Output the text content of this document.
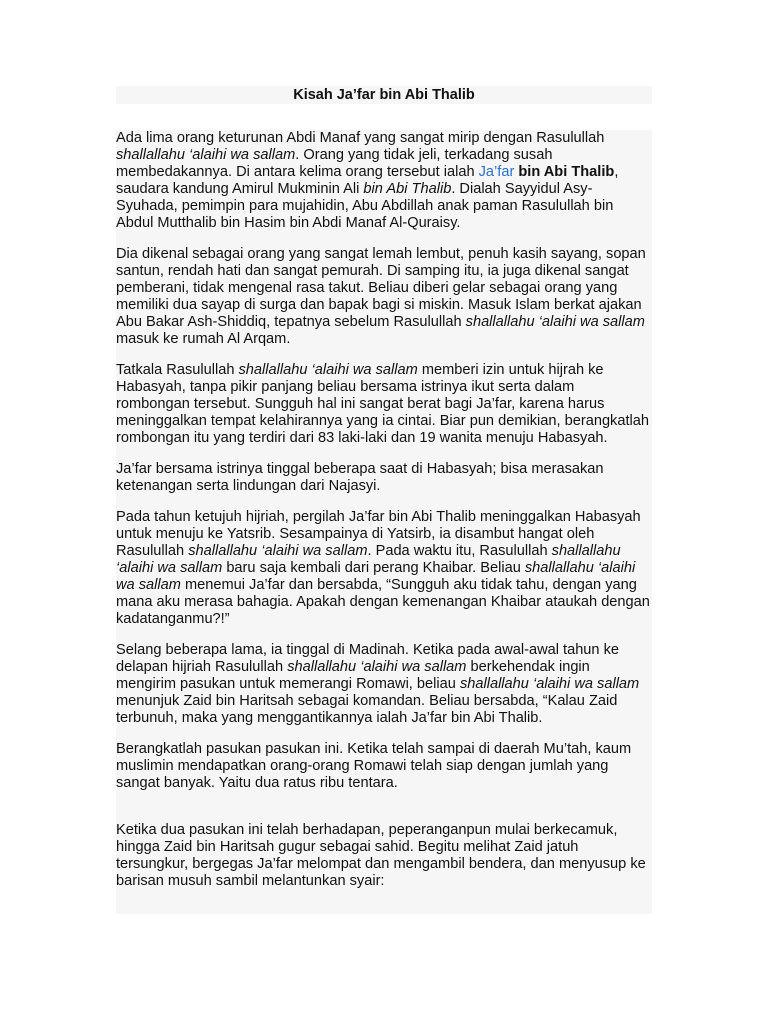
Kisah Ja’far bin Abi Thalib

Ada lima orang keturunan Abdi Manaf yang sangat mirip dengan Rasulullah shallallahu ‘alaihi wa sallam. Orang yang tidak jeli, terkadang susah membedakannya. Di antara kelima orang tersebut ialah Ja’far bin Abi Thalib, saudara kandung Amirul Mukminin Ali bin Abi Thalib. Dialah Sayyidul Asy-Syuhada, pemimpin para mujahidin, Abu Abdillah anak paman Rasulullah bin Abdul Mutthalib bin Hasim bin Abdi Manaf Al-Quraisy.

Dia dikenal sebagai orang yang sangat lemah lembut, penuh kasih sayang, sopan santun, rendah hati dan sangat pemurah. Di samping itu, ia juga dikenal sangat pemberani, tidak mengenal rasa takut. Beliau diberi gelar sebagai orang yang memiliki dua sayap di surga dan bapak bagi si miskin. Masuk Islam berkat ajakan Abu Bakar Ash-Shiddiq, tepatnya sebelum Rasulullah shallallahu ‘alaihi wa sallam masuk ke rumah Al Arqam.

Tatkala Rasulullah shallallahu ‘alaihi wa sallam memberi izin untuk hijrah ke Habasyah, tanpa pikir panjang beliau bersama istrinya ikut serta dalam rombongan tersebut. Sungguh hal ini sangat berat bagi Ja’far, karena harus meninggalkan tempat kelahirannya yang ia cintai. Biar pun demikian, berangkatlah rombongan itu yang terdiri dari 83 laki-laki dan 19 wanita menuju Habasyah.

Ja’far bersama istrinya tinggal beberapa saat di Habasyah; bisa merasakan ketenangan serta lindungan dari Najasyi.

Pada tahun ketujuh hijriah, pergilah Ja’far bin Abi Thalib meninggalkan Habasyah untuk menuju ke Yatsrib. Sesampainya di Yatsirb, ia disambut hangat oleh Rasulullah shallallahu ‘alaihi wa sallam. Pada waktu itu, Rasulullah shallallahu ‘alaihi wa sallam baru saja kembali dari perang Khaibar. Beliau shallallahu ‘alaihi wa sallam menemui Ja’far dan bersabda, “Sungguh aku tidak tahu, dengan yang mana aku merasa bahagia. Apakah dengan kemenangan Khaibar ataukah dengan kadatanganmu?!”

Selang beberapa lama, ia tinggal di Madinah. Ketika pada awal-awal tahun ke delapan hijriah Rasulullah shallallahu ‘alaihi wa sallam berkehendak ingin mengirim pasukan untuk memerangi Romawi, beliau shallallahu ‘alaihi wa sallam menunjuk Zaid bin Haritsah sebagai komandan. Beliau bersabda, “Kalau Zaid terbunuh, maka yang menggantikannya ialah Ja’far bin Abi Thalib.

Berangkatlah pasukan pasukan ini. Ketika telah sampai di daerah Mu’tah, kaum muslimin mendapatkan orang-orang Romawi telah siap dengan jumlah yang sangat banyak. Yaitu dua ratus ribu tentara.

Ketika dua pasukan ini telah berhadapan, peperanganpun mulai berkecamuk, hingga Zaid bin Haritsah gugur sebagai sahid. Begitu melihat Zaid jatuh tersungkur, bergegas Ja’far melompat dan mengambil bendera, dan menyusup ke barisan musuh sambil melantunkan syair:
